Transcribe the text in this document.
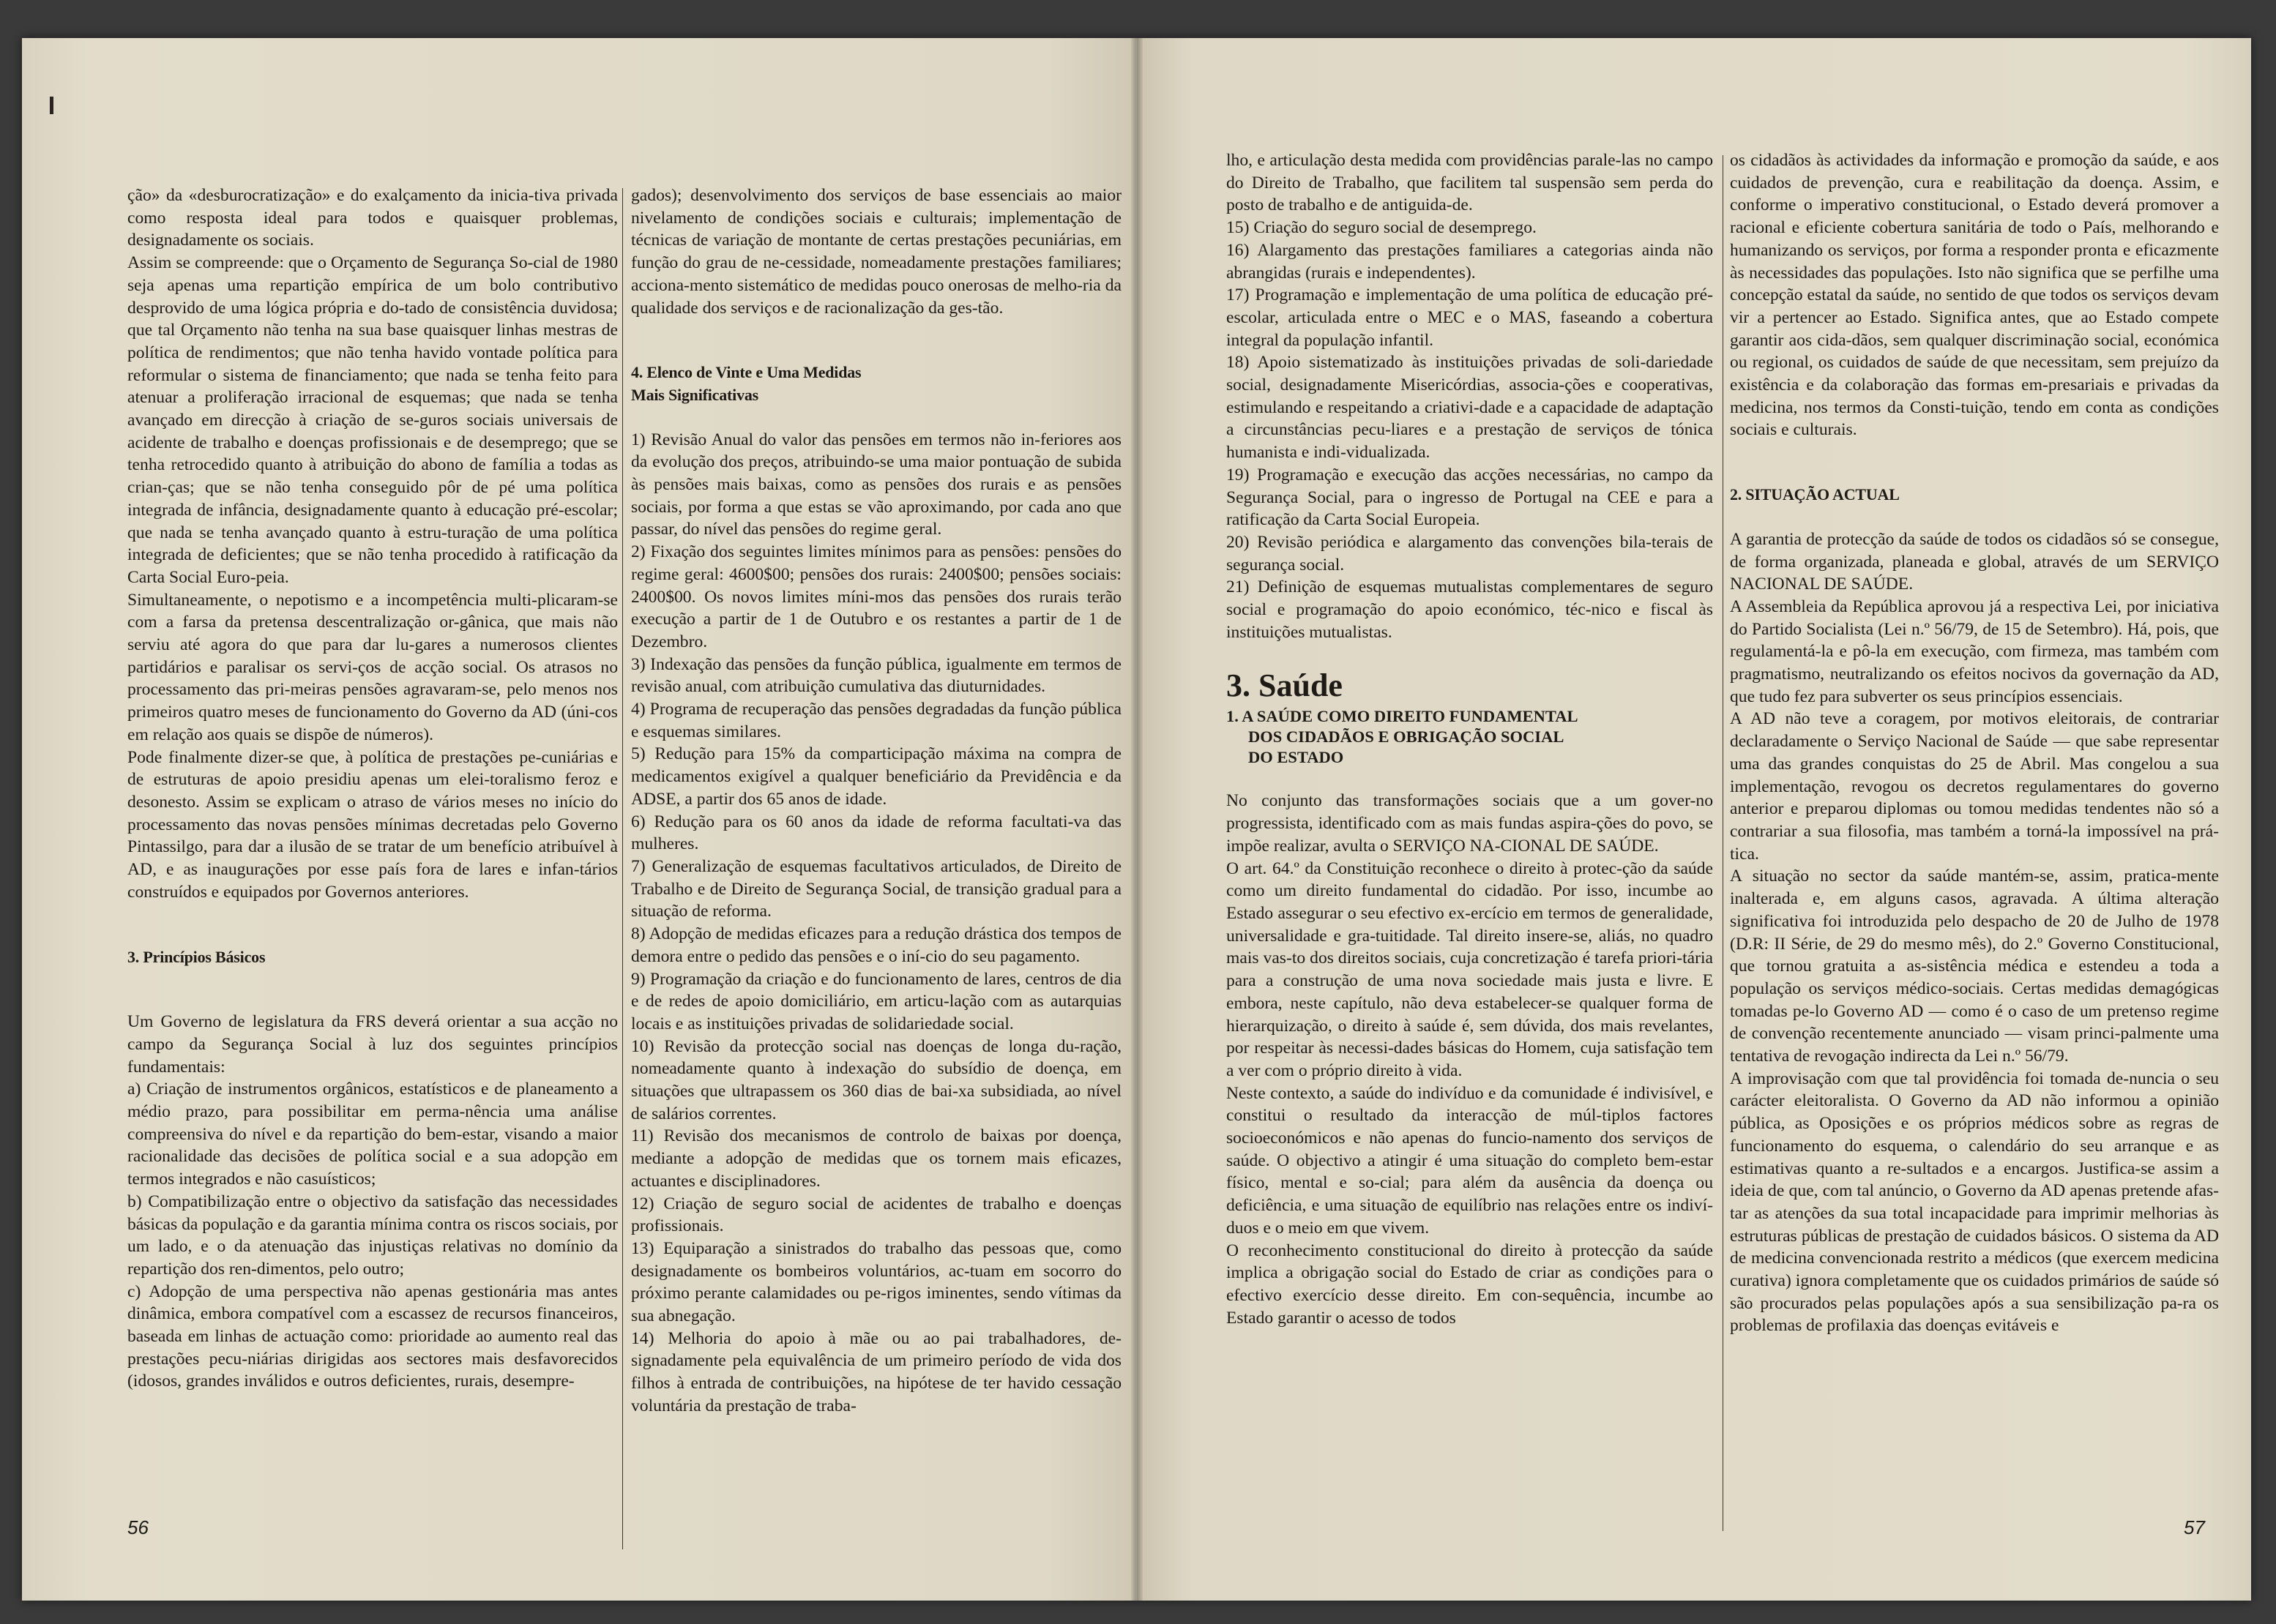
ção» da «desburocratização» e do exalçamento da inicia-tiva privada como resposta ideal para todos e quaisquer problemas, designadamente os sociais.

Assim se compreende: que o Orçamento de Segurança So-cial de 1980 seja apenas uma repartição empírica de um bolo contributivo desprovido de uma lógica própria e do-tado de consistência duvidosa; que tal Orçamento não tenha na sua base quaisquer linhas mestras de política de rendimentos; que não tenha havido vontade política para reformular o sistema de financiamento; que nada se tenha feito para atenuar a proliferação irracional de esquemas; que nada se tenha avançado em direcção à criação de se-guros sociais universais de acidente de trabalho e doenças profissionais e de desemprego; que se tenha retrocedido quanto à atribuição do abono de família a todas as crian-ças; que se não tenha conseguido pôr de pé uma política integrada de infância, designadamente quanto à educação pré-escolar; que nada se tenha avançado quanto à estru-turação de uma política integrada de deficientes; que se não tenha procedido à ratificação da Carta Social Euro-peia.

Simultaneamente, o nepotismo e a incompetência multi-plicaram-se com a farsa da pretensa descentralização or-gânica, que mais não serviu até agora do que para dar lu-gares a numerosos clientes partidários e paralisar os servi-ços de acção social. Os atrasos no processamento das pri-meiras pensões agravaram-se, pelo menos nos primeiros quatro meses de funcionamento do Governo da AD (úni-cos em relação aos quais se dispõe de números).

Pode finalmente dizer-se que, à política de prestações pe-cuniárias e de estruturas de apoio presidiu apenas um elei-toralismo feroz e desonesto. Assim se explicam o atraso de vários meses no início do processamento das novas pensões mínimas decretadas pelo Governo Pintassilgo, para dar a ilusão de se tratar de um benefício atribuível à AD, e as inaugurações por esse país fora de lares e infan-tários construídos e equipados por Governos anteriores.

3. Princípios Básicos

Um Governo de legislatura da FRS deverá orientar a sua acção no campo da Segurança Social à luz dos seguintes princípios fundamentais:

a) Criação de instrumentos orgânicos, estatísticos e de planeamento a médio prazo, para possibilitar em perma-nência uma análise compreensiva do nível e da repartição do bem-estar, visando a maior racionalidade das decisões de política social e a sua adopção em termos integrados e não casuísticos;

b) Compatibilização entre o objectivo da satisfação das necessidades básicas da população e da garantia mínima contra os riscos sociais, por um lado, e o da atenuação das injustiças relativas no domínio da repartição dos ren-dimentos, pelo outro;

c) Adopção de uma perspectiva não apenas gestionária mas antes dinâmica, embora compatível com a escassez de recursos financeiros, baseada em linhas de actuação como: prioridade ao aumento real das prestações pecu-niárias dirigidas aos sectores mais desfavorecidos (idosos, grandes inválidos e outros deficientes, rurais, desempre-

gados); desenvolvimento dos serviços de base essenciais ao maior nivelamento de condições sociais e culturais; implementação de técnicas de variação de montante de certas prestações pecuniárias, em função do grau de ne-cessidade, nomeadamente prestações familiares; acciona-mento sistemático de medidas pouco onerosas de melho-ria da qualidade dos serviços e de racionalização da ges-tão.

4. Elenco de Vinte e Uma Medidas

Mais Significativas

1) Revisão Anual do valor das pensões em termos não in-feriores aos da evolução dos preços, atribuindo-se uma maior pontuação de subida às pensões mais baixas, como as pensões dos rurais e as pensões sociais, por forma a que estas se vão aproximando, por cada ano que passar, do nível das pensões do regime geral.

2) Fixação dos seguintes limites mínimos para as pensões: pensões do regime geral: 4600$00; pensões dos rurais: 2400$00; pensões sociais: 2400$00. Os novos limites míni-mos das pensões dos rurais terão execução a partir de 1 de Outubro e os restantes a partir de 1 de Dezembro.

3) Indexação das pensões da função pública, igualmente em termos de revisão anual, com atribuição cumulativa das diuturnidades.

4) Programa de recuperação das pensões degradadas da função pública e esquemas similares.

5) Redução para 15% da comparticipação máxima na compra de medicamentos exigível a qualquer beneficiário da Previdência e da ADSE, a partir dos 65 anos de idade.

6) Redução para os 60 anos da idade de reforma facultati-va das mulheres.

7) Generalização de esquemas facultativos articulados, de Direito de Trabalho e de Direito de Segurança Social, de transição gradual para a situação de reforma.

8) Adopção de medidas eficazes para a redução drástica dos tempos de demora entre o pedido das pensões e o iní-cio do seu pagamento.

9) Programação da criação e do funcionamento de lares, centros de dia e de redes de apoio domiciliário, em articu-lação com as autarquias locais e as instituições privadas de solidariedade social.

10) Revisão da protecção social nas doenças de longa du-ração, nomeadamente quanto à indexação do subsídio de doença, em situações que ultrapassem os 360 dias de bai-xa subsidiada, ao nível de salários correntes.

11) Revisão dos mecanismos de controlo de baixas por doença, mediante a adopção de medidas que os tornem mais eficazes, actuantes e disciplinadores.

12) Criação de seguro social de acidentes de trabalho e doenças profissionais.

13) Equiparação a sinistrados do trabalho das pessoas que, como designadamente os bombeiros voluntários, ac-tuam em socorro do próximo perante calamidades ou pe-rigos iminentes, sendo vítimas da sua abnegação.

14) Melhoria do apoio à mãe ou ao pai trabalhadores, de-signadamente pela equivalência de um primeiro período de vida dos filhos à entrada de contribuições, na hipótese de ter havido cessação voluntária da prestação de traba-

56

lho, e articulação desta medida com providências parale-las no campo do Direito de Trabalho, que facilitem tal suspensão sem perda do posto de trabalho e de antiguida-de.

15) Criação do seguro social de desemprego.

16) Alargamento das prestações familiares a categorias ainda não abrangidas (rurais e independentes).

17) Programação e implementação de uma política de educação pré-escolar, articulada entre o MEC e o MAS, faseando a cobertura integral da população infantil.

18) Apoio sistematizado às instituições privadas de soli-dariedade social, designadamente Misericórdias, associa-ções e cooperativas, estimulando e respeitando a criativi-dade e a capacidade de adaptação a circunstâncias pecu-liares e a prestação de serviços de tónica humanista e indi-vidualizada.

19) Programação e execução das acções necessárias, no campo da Segurança Social, para o ingresso de Portugal na CEE e para a ratificação da Carta Social Europeia.

20) Revisão periódica e alargamento das convenções bila-terais de segurança social.

21) Definição de esquemas mutualistas complementares de seguro social e programação do apoio económico, téc-nico e fiscal às instituições mutualistas.

3. Saúde

1. A SAÚDE COMO DIREITO FUNDAMENTAL

DOS CIDADÃOS E OBRIGAÇÃO SOCIAL

DO ESTADO

No conjunto das transformações sociais que a um gover-no progressista, identificado com as mais fundas aspira-ções do povo, se impõe realizar, avulta o SERVIÇO NA-CIONAL DE SAÚDE.

O art. 64.º da Constituição reconhece o direito à protec-ção da saúde como um direito fundamental do cidadão. Por isso, incumbe ao Estado assegurar o seu efectivo ex-ercício em termos de generalidade, universalidade e gra-tuitidade. Tal direito insere-se, aliás, no quadro mais vas-to dos direitos sociais, cuja concretização é tarefa priori-tária para a construção de uma nova sociedade mais justa e livre. E embora, neste capítulo, não deva estabelecer-se qualquer forma de hierarquização, o direito à saúde é, sem dúvida, dos mais revelantes, por respeitar às necessi-dades básicas do Homem, cuja satisfação tem a ver com o próprio direito à vida.

Neste contexto, a saúde do indivíduo e da comunidade é indivisível, e constitui o resultado da interacção de múl-tiplos factores socioeconómicos e não apenas do funcio-namento dos serviços de saúde. O objectivo a atingir é uma situação do completo bem-estar físico, mental e so-cial; para além da ausência da doença ou deficiência, e uma situação de equilíbrio nas relações entre os indiví-duos e o meio em que vivem.

O reconhecimento constitucional do direito à protecção da saúde implica a obrigação social do Estado de criar as condições para o efectivo exercício desse direito. Em con-sequência, incumbe ao Estado garantir o acesso de todos

os cidadãos às actividades da informação e promoção da saúde, e aos cuidados de prevenção, cura e reabilitação da doença. Assim, e conforme o imperativo constitucional, o Estado deverá promover a racional e eficiente cobertura sanitária de todo o País, melhorando e humanizando os serviços, por forma a responder pronta e eficazmente às necessidades das populações. Isto não significa que se perfilhe uma concepção estatal da saúde, no sentido de que todos os serviços devam vir a pertencer ao Estado. Significa antes, que ao Estado compete garantir aos cida-dãos, sem qualquer discriminação social, económica ou regional, os cuidados de saúde de que necessitam, sem prejuízo da existência e da colaboração das formas em-presariais e privadas da medicina, nos termos da Consti-tuição, tendo em conta as condições sociais e culturais.

2. SITUAÇÃO ACTUAL

A garantia de protecção da saúde de todos os cidadãos só se consegue, de forma organizada, planeada e global, através de um SERVIÇO NACIONAL DE SAÚDE.

A Assembleia da República aprovou já a respectiva Lei, por iniciativa do Partido Socialista (Lei n.º 56/79, de 15 de Setembro). Há, pois, que regulamentá-la e pô-la em execução, com firmeza, mas também com pragmatismo, neutralizando os efeitos nocivos da governação da AD, que tudo fez para subverter os seus princípios essenciais.

A AD não teve a coragem, por motivos eleitorais, de contrariar declaradamente o Serviço Nacional de Saúde — que sabe representar uma das grandes conquistas do 25 de Abril. Mas congelou a sua implementação, revogou os decretos regulamentares do governo anterior e preparou diplomas ou tomou medidas tendentes não só a contrariar a sua filosofia, mas também a torná-la impossível na prá-tica.

A situação no sector da saúde mantém-se, assim, pratica-mente inalterada e, em alguns casos, agravada. A última alteração significativa foi introduzida pelo despacho de 20 de Julho de 1978 (D.R: II Série, de 29 do mesmo mês), do 2.º Governo Constitucional, que tornou gratuita a as-sistência médica e estendeu a toda a população os serviços médico-sociais. Certas medidas demagógicas tomadas pe-lo Governo AD — como é o caso de um pretenso regime de convenção recentemente anunciado — visam princi-palmente uma tentativa de revogação indirecta da Lei n.º 56/79.

A improvisação com que tal providência foi tomada de-nuncia o seu carácter eleitoralista. O Governo da AD não informou a opinião pública, as Oposições e os próprios médicos sobre as regras de funcionamento do esquema, o calendário do seu arranque e as estimativas quanto a re-sultados e a encargos. Justifica-se assim a ideia de que, com tal anúncio, o Governo da AD apenas pretende afas-tar as atenções da sua total incapacidade para imprimir melhorias às estruturas públicas de prestação de cuidados básicos. O sistema da AD de medicina convencionada restrito a médicos (que exercem medicina curativa) ignora completamente que os cuidados primários de saúde só são procurados pelas populações após a sua sensibilização pa-ra os problemas de profilaxia das doenças evitáveis e

57
